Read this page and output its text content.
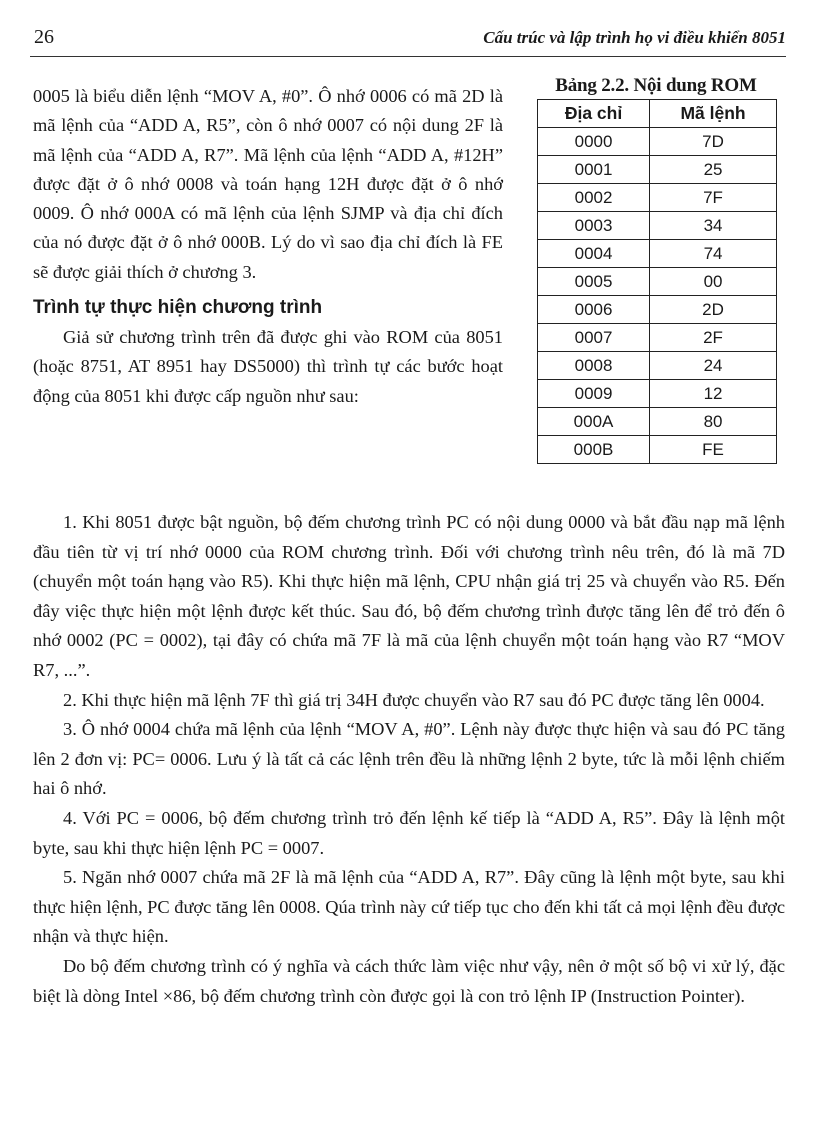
26	Cấu trúc và lập trình họ vi điều khiển 8051

0005 là biểu diễn lệnh “MOV A, #0”. Ô nhớ 0006 có mã 2D là mã lệnh của “ADD A, R5”, còn ô nhớ 0007 có nội dung 2F là mã lệnh của “ADD A, R7”. Mã lệnh của lệnh “ADD A, #12H” được đặt ở ô nhớ 0008 và toán hạng 12H được đặt ở ô nhớ 0009. Ô nhớ 000A có mã lệnh của lệnh SJMP và địa chỉ đích của nó được đặt ở ô nhớ 000B. Lý do vì sao địa chỉ đích là FE sẽ được giải thích ở chương 3.

Trình tự thực hiện chương trình

Giả sử chương trình trên đã được ghi vào ROM của 8051 (hoặc 8751, AT 8951 hay DS5000) thì trình tự các bước hoạt động của 8051 khi được cấp nguồn như sau:

Bảng 2.2. Nội dung ROM
Địa chỉ	Mã lệnh
0000	7D
0001	25
0002	7F
0003	34
0004	74
0005	00
0006	2D
0007	2F
0008	24
0009	12
000A	80
000B	FE

1. Khi 8051 được bật nguồn, bộ đếm chương trình PC có nội dung 0000 và bắt đầu nạp mã lệnh đầu tiên từ vị trí nhớ 0000 của ROM chương trình. Đối với chương trình nêu trên, đó là mã 7D (chuyển một toán hạng vào R5). Khi thực hiện mã lệnh, CPU nhận giá trị 25 và chuyển vào R5. Đến đây việc thực hiện một lệnh được kết thúc. Sau đó, bộ đếm chương trình được tăng lên để trỏ đến ô nhớ 0002 (PC = 0002), tại đây có chứa mã 7F là mã của lệnh chuyển một toán hạng vào R7 “MOV R7, ...”.

2. Khi thực hiện mã lệnh 7F thì giá trị 34H được chuyển vào R7 sau đó PC được tăng lên 0004.

3. Ô nhớ 0004 chứa mã lệnh của lệnh “MOV A, #0”. Lệnh này được thực hiện và sau đó PC tăng lên 2 đơn vị: PC= 0006. Lưu ý là tất cả các lệnh trên đều là những lệnh 2 byte, tức là mỗi lệnh chiếm hai ô nhớ.

4. Với PC = 0006, bộ đếm chương trình trỏ đến lệnh kế tiếp là “ADD A, R5”. Đây là lệnh một byte, sau khi thực hiện lệnh PC = 0007.

5. Ngăn nhớ 0007 chứa mã 2F là mã lệnh của “ADD A, R7”. Đây cũng là lệnh một byte, sau khi thực hiện lệnh, PC được tăng lên 0008. Qúa trình này cứ tiếp tục cho đến khi tất cả mọi lệnh đều được nhận và thực hiện.

Do bộ đếm chương trình có ý nghĩa và cách thức làm việc như vậy, nên ở một số bộ vi xử lý, đặc biệt là dòng Intel ×86, bộ đếm chương trình còn được gọi là con trỏ lệnh IP (Instruction Pointer).
